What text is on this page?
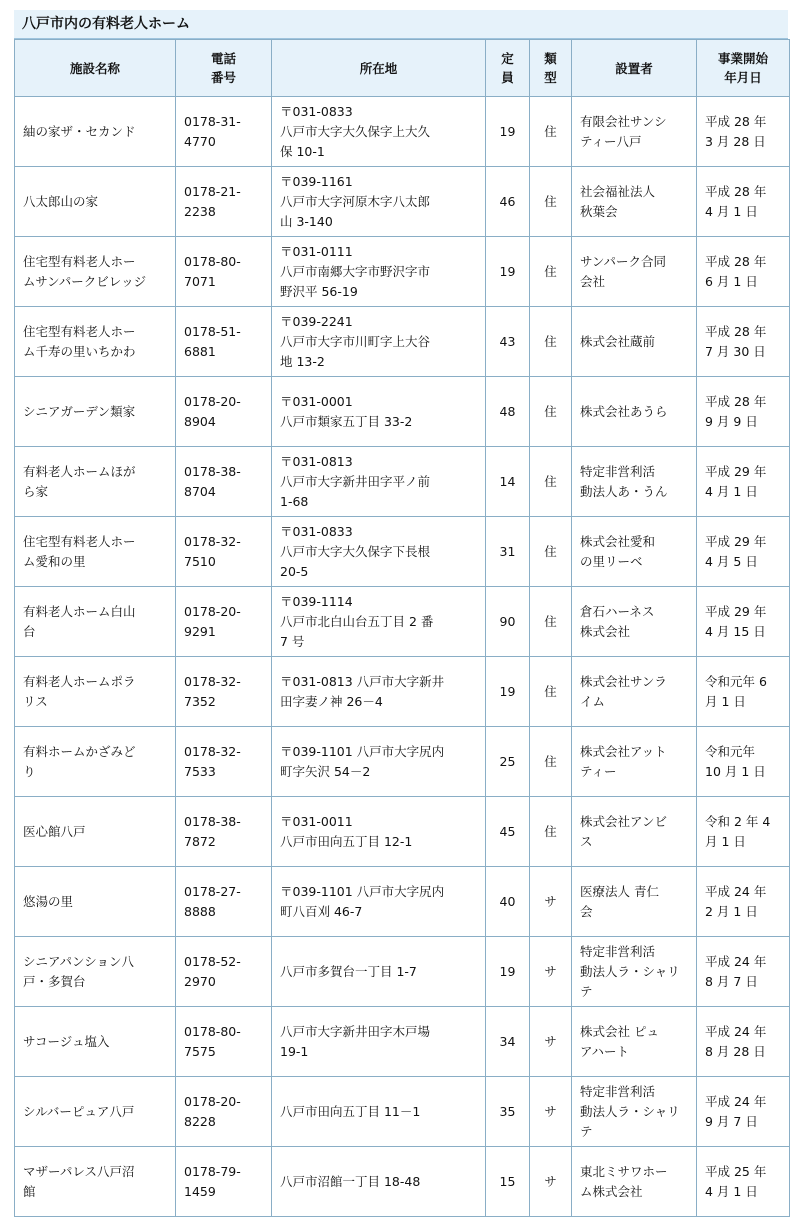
八戸市内の有料老人ホーム
施設名称	電話
番号	所在地	定
員	類
型	設置者	事業開始
年月日

紬の家ザ・セカンド	0178-31-
4770	〒031-0833
八戸市大字大久保字上大久
保 10-1	19	住	有限会社サンシ
ティー八戸	平成 28 年
3 月 28 日

八太郎山の家	0178-21-
2238	〒039-1161
八戸市大字河原木字八太郎
山 3-140	46	住	社会福祉法人
秋葉会	平成 28 年
4 月 1 日

住宅型有料老人ホー
ムサンパークビレッジ	0178-80-
7071	〒031-0111
八戸市南郷大字市野沢字市
野沢平 56-19	19	住	サンパーク合同
会社	平成 28 年
6 月 1 日

住宅型有料老人ホー
ム千寿の里いちかわ	0178-51-
6881	〒039-2241
八戸市大字市川町字上大谷
地 13-2	43	住	株式会社蔵前	平成 28 年
7 月 30 日

シニアガーデン類家	0178-20-
8904	〒031-0001
八戸市類家五丁目 33-2	48	住	株式会社あうら	平成 28 年
9 月 9 日

有料老人ホームほが
ら家	0178-38-
8704	〒031-0813
八戸市大字新井田字平ノ前
1-68	14	住	特定非営利活
動法人あ・うん	平成 29 年
4 月 1 日

住宅型有料老人ホー
ム愛和の里	0178-32-
7510	〒031-0833
八戸市大字大久保字下長根
20-5	31	住	株式会社愛和
の里リーベ	平成 29 年
4 月 5 日

有料老人ホーム白山
台	0178-20-
9291	〒039-1114
八戸市北白山台五丁目 2 番
7 号	90	住	倉石ハーネス
株式会社	平成 29 年
4 月 15 日

有料老人ホームポラ
リス	0178-32-
7352	〒031-0813 八戸市大字新井
田字妻ノ神 26－4	19	住	株式会社サンラ
イム	令和元年 6
月 1 日

有料ホームかざみど
り	0178-32-
7533	〒039-1101 八戸市大字尻内
町字矢沢 54－2	25	住	株式会社アット
ティー	令和元年
10 月 1 日

医心館八戸	0178-38-
7872	〒031-0011
八戸市田向五丁目 12-1	45	住	株式会社アンビ
ス	令和 2 年 4
月 1 日

悠湯の里	0178-27-
8888	〒039-1101 八戸市大字尻内
町八百刈 46-7	40	サ	医療法人 青仁
会	平成 24 年
2 月 1 日

シニアパンション八
戸・多賀台	0178-52-
2970	八戸市多賀台一丁目 1-7	19	サ	特定非営利活
動法人ラ・シャリ
テ	平成 24 年
8 月 7 日

サコージュ塩入	0178-80-
7575	八戸市大字新井田字木戸場
19-1	34	サ	株式会社 ピュ
アハート	平成 24 年
8 月 28 日

シルバーピュア八戸	0178-20-
8228	八戸市田向五丁目 11－1	35	サ	特定非営利活
動法人ラ・シャリ
テ	平成 24 年
9 月 7 日

マザーパレス八戸沼
館	0178-79-
1459	八戸市沼館一丁目 18-48	15	サ	東北ミサワホー
ム株式会社	平成 25 年
4 月 1 日
